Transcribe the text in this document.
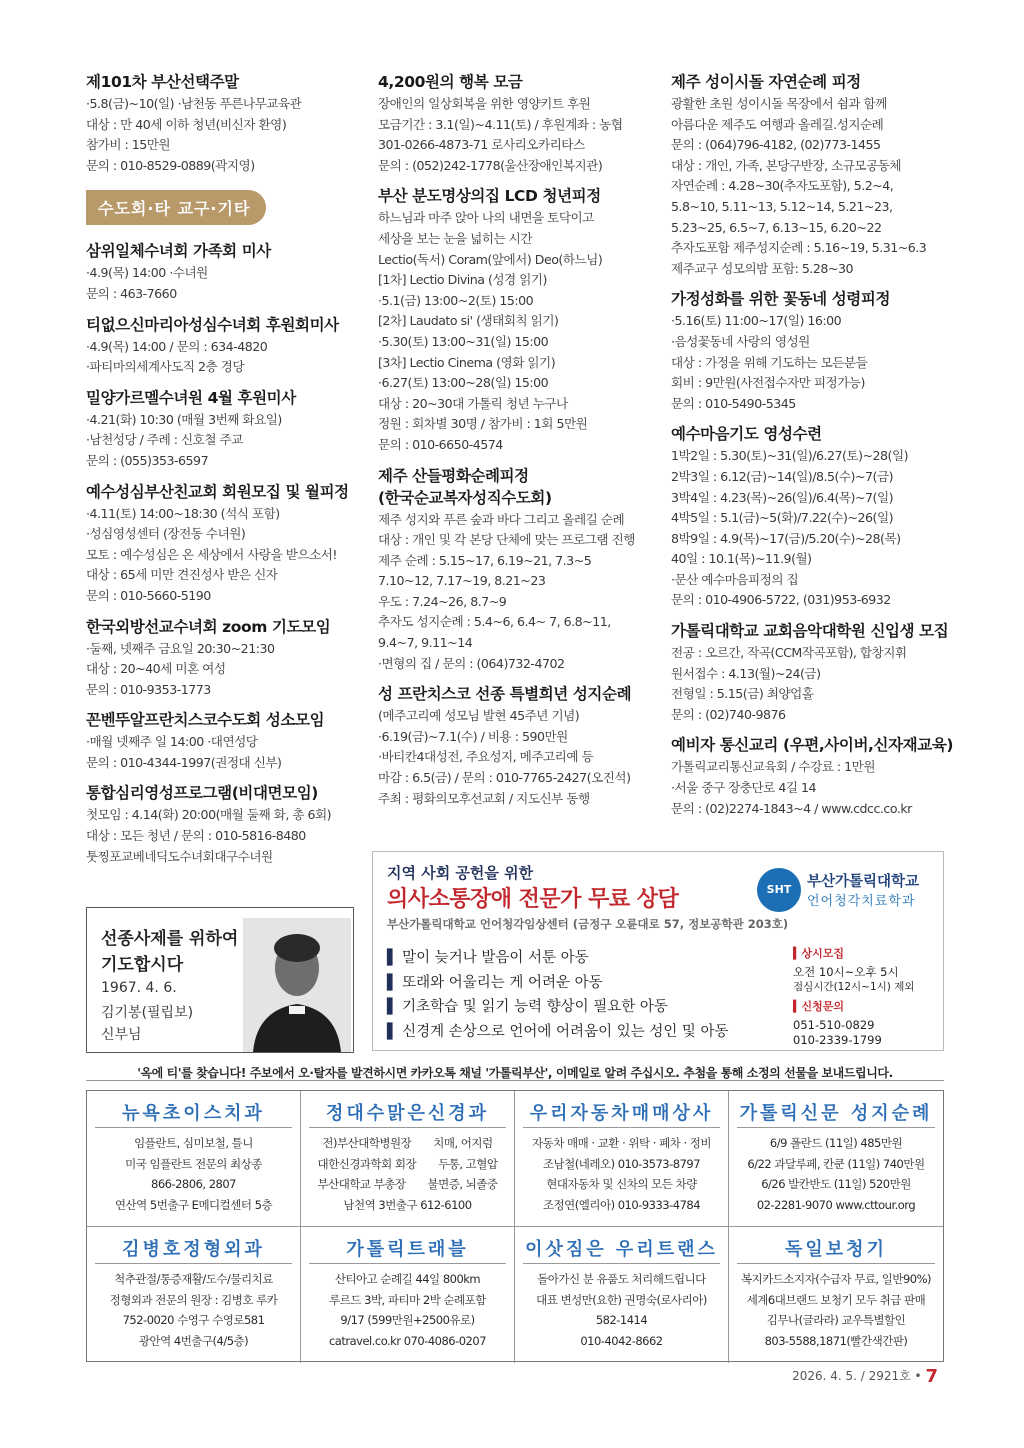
제101차 부산선택주말
·5.8(금)~10(일) ·남천동 푸른나무교육관
대상 : 만 40세 이하 청년(비신자 환영)
참가비 : 15만원
문의 : 010-8529-0889(곽지영)
수도회·타 교구·기타
삼위일체수녀회 가족회 미사
·4.9(목) 14:00 ·수녀원
문의 : 463-7660
티없으신마리아성심수녀회 후원회미사
·4.9(목) 14:00 / 문의 : 634-4820
·파티마의세계사도직 2층 경당
밀양가르멜수녀원 4월 후원미사
·4.21(화) 10:30 (매월 3번째 화요일)
·남천성당 / 주례 : 신호철 주교
문의 : (055)353-6597
예수성심부산친교회 회원모집 및 월피정
·4.11(토) 14:00~18:30 (석식 포함)
·성심영성센터 (장전동 수녀원)
모토 : 예수성심은 온 세상에서 사랑을 받으소서!
대상 : 65세 미만 견진성사 받은 신자
문의 : 010-5660-5190
한국외방선교수녀회 zoom 기도모임
·둘째, 넷째주 금요일 20:30~21:30
대상 : 20~40세 미혼 여성
문의 : 010-9353-1773
꼰벤뚜알프란치스코수도회 성소모임
·매월 넷째주 일 14:00 ·대연성당
문의 : 010-4344-1997(권정대 신부)
통합심리영성프로그램(비대면모임)
첫모임 : 4.14(화) 20:00(매월 둘째 화, 총 6회)
대상 : 모든 청년 / 문의 : 010-5816-8480
툿찡포교베네딕도수녀회대구수녀원
4,200원의 행복 모금
장애인의 일상회복을 위한 영양키트 후원
모금기간 : 3.1(일)~4.11(토) / 후원계좌 : 농협
301-0266-4873-71 로사리오카리타스
문의 : (052)242-1778(울산장애인복지관)
부산 분도명상의집 LCD 청년피정
하느님과 마주 앉아 나의 내면을 토닥이고
세상을 보는 눈을 넓히는 시간
Lectio(독서) Coram(앞에서) Deo(하느님)
[1차] Lectio Divina (성경 읽기)
·5.1(금) 13:00~2(토) 15:00
[2차] Laudato si' (생태회칙 읽기)
·5.30(토) 13:00~31(일) 15:00
[3차] Lectio Cinema (영화 읽기)
·6.27(토) 13:00~28(일) 15:00
대상 : 20~30대 가톨릭 청년 누구나
정원 : 회차별 30명 / 참가비 : 1회 5만원
문의 : 010-6650-4574
제주 산들평화순례피정
(한국순교복자성직수도회)
제주 성지와 푸른 숲과 바다 그리고 올레길 순례
대상 : 개인 및 각 본당 단체에 맞는 프로그램 진행
제주 순례 : 5.15~17, 6.19~21, 7.3~5
7.10~12, 7.17~19, 8.21~23
우도 : 7.24~26, 8.7~9
추자도 성지순례 : 5.4~6, 6.4~ 7, 6.8~11,
9.4~7, 9.11~14
·면형의 집 / 문의 : (064)732-4702
성 프란치스코 선종 특별희년 성지순례
(메주고리예 성모님 발현 45주년 기념)
·6.19(금)~7.1(수) / 비용 : 590만원
·바티칸4대성전, 주요성지, 메주고리예 등
마감 : 6.5(금) / 문의 : 010-7765-2427(오진석)
주최 : 평화의모후선교회 / 지도신부 동행
제주 성이시돌 자연순례 피정
광활한 초원 성이시돌 목장에서 쉼과 함께
아름다운 제주도 여행과 올레길.성지순례
문의 : (064)796-4182, (02)773-1455
대상 : 개인, 가족, 본당구반장, 소규모공동체
자연순례 : 4.28~30(추자도포함), 5.2~4,
5.8~10, 5.11~13, 5.12~14, 5.21~23,
5.23~25, 6.5~7, 6.13~15, 6.20~22
추자도포함 제주성지순례 : 5.16~19, 5.31~6.3
제주교구 성모의밤 포함: 5.28~30
가정성화를 위한 꽃동네 성령피정
·5.16(토) 11:00~17(일) 16:00
·음성꽃동네 사랑의 영성원
대상 : 가정을 위해 기도하는 모든분들
회비 : 9만원(사전접수자만 피정가능)
문의 : 010-5490-5345
예수마음기도 영성수련
1박2일 : 5.30(토)~31(일)/6.27(토)~28(일)
2박3일 : 6.12(금)~14(일)/8.5(수)~7(금)
3박4일 : 4.23(목)~26(일)/6.4(목)~7(일)
4박5일 : 5.1(금)~5(화)/7.22(수)~26(일)
8박9일 : 4.9(목)~17(금)/5.20(수)~28(목)
40일 : 10.1(목)~11.9(월)
·문산 예수마음피정의 집
문의 : 010-4906-5722, (031)953-6932
가톨릭대학교 교회음악대학원 신입생 모집
전공 : 오르간, 작곡(CCM작곡포함), 합창지휘
원서접수 : 4.13(월)~24(금)
전형일 : 5.15(금) 최양업홀
문의 : (02)740-9876
예비자 통신교리 (우편,사이버,신자재교육)
가톨릭교리통신교육회 / 수강료 : 1만원
·서울 중구 장충단로 4길 14
문의 : (02)2274-1843~4 / www.cdcc.co.kr
선종사제를 위하여
기도합시다
1967. 4. 6.
김기봉(필립보)
신부님
지역 사회 공헌을 위한
의사소통장애 전문가 무료 상담
부산가톨릭대학교 언어청각임상센터 (금정구 오륜대로 57, 정보공학관 203호)
▌ 말이 늦거나 발음이 서툰 아동
▌ 또래와 어울리는 게 어려운 아동
▌ 기초학습 및 읽기 능력 향상이 필요한 아동
▌ 신경계 손상으로 언어에 어려움이 있는 성인 및 아동
▍상시모집
오전 10시~오후 5시
점심시간(12시~1시) 제외
▍신청문의
051-510-0829
010-2339-1799
SHT	부산가톨릭대학교
언어청각치료학과
'옥에 티'를 찾습니다! 주보에서 오·탈자를 발견하시면 카카오톡 채널 '가톨릭부산', 이메일로 알려 주십시오. 추첨을 통해 소정의 선물을 보내드립니다.
뉴욕초이스치과
임플란트, 심미보철, 틀니
미국 임플란트 전문의 최상종
866-2806, 2807
연산역 5번출구 E메디컬센터 5층
정대수맑은신경과
전)부산대학병원장　　치매, 어지럼
대한신경과학회 회장　　두통, 고혈압
부산대학교 부총장　　불면증, 뇌졸중
남천역 3번출구 612-6100
우리자동차매매상사
자동차 매매 · 교환 · 위탁 · 폐차 · 정비
조남철(네레오) 010-3573-8797
현대자동차 및 신차의 모든 차량
조정연(엘리아) 010-9333-4784
가톨릭신문 성지순례
6/9 폴란드 (11일) 485만원
6/22 과달루페, 칸쿤 (11일) 740만원
6/26 발칸반도 (11일) 520만원
02-2281-9070 www.cttour.org
김병호정형외과
척추관절/통증재활/도수/물리치료
정형외과 전문의 원장 : 김병호 루카
752-0020 수영구 수영로581
광안역 4번출구(4/5층)
가톨릭트래블
산티아고 순례길 44일 800km
루르드 3박, 파티마 2박 순례포함
9/17 (599만원+2500유로)
catravel.co.kr 070-4086-0207
이삿짐은 우리트랜스
돌아가신 분 유품도 처리해드립니다
대표 변성만(요한) 권명숙(로사리아)
582-1414
010-4042-8662
독일보청기
복지카드소지자(수급자 무료, 일반90%)
세계6대브랜드 보청기 모두 취급 판매
김무나(글라라) 교우특별할인
803-5588,1871(빨간색간판)
2026. 4. 5. / 2921호 • 7
